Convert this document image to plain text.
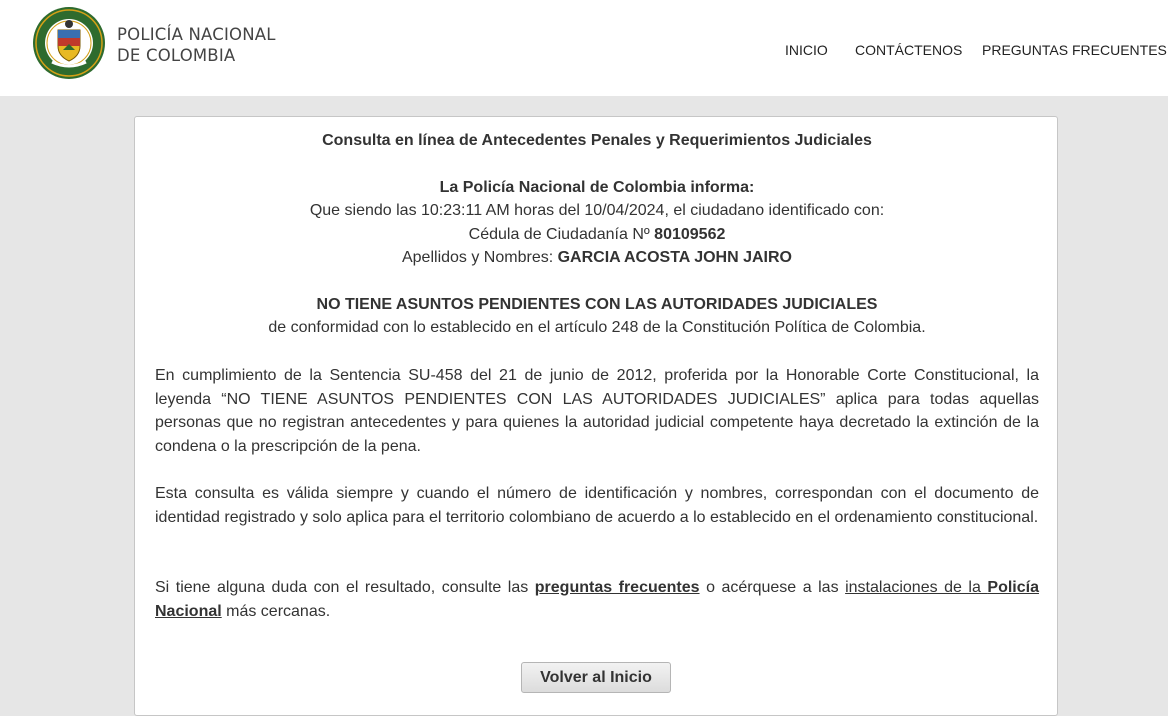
POLICÍA NACIONAL
DE COLOMBIA	INICIO CONTÁCTENOS PREGUNTAS FRECUENTES
Consulta en línea de Antecedentes Penales y Requerimientos Judiciales
La Policía Nacional de Colombia informa:
Que siendo las 10:23:11 AM horas del 10/04/2024, el ciudadano identificado con:
Cédula de Ciudadanía Nº 80109562
Apellidos y Nombres: GARCIA ACOSTA JOHN JAIRO
NO TIENE ASUNTOS PENDIENTES CON LAS AUTORIDADES JUDICIALES
de conformidad con lo establecido en el artículo 248 de la Constitución Política de Colombia.
En cumplimiento de la Sentencia SU-458 del 21 de junio de 2012, proferida por la Honorable Corte Constitucional, la leyenda “NO TIENE ASUNTOS PENDIENTES CON LAS AUTORIDADES JUDICIALES” aplica para todas aquellas personas que no registran antecedentes y para quienes la autoridad judicial competente haya decretado la extinción de la condena o la prescripción de la pena.
Esta consulta es válida siempre y cuando el número de identificación y nombres, correspondan con el documento de identidad registrado y solo aplica para el territorio colombiano de acuerdo a lo establecido en el ordenamiento constitucional.
Si tiene alguna duda con el resultado, consulte las preguntas frecuentes o acérquese a las instalaciones de la Policía Nacional más cercanas.
Volver al Inicio
